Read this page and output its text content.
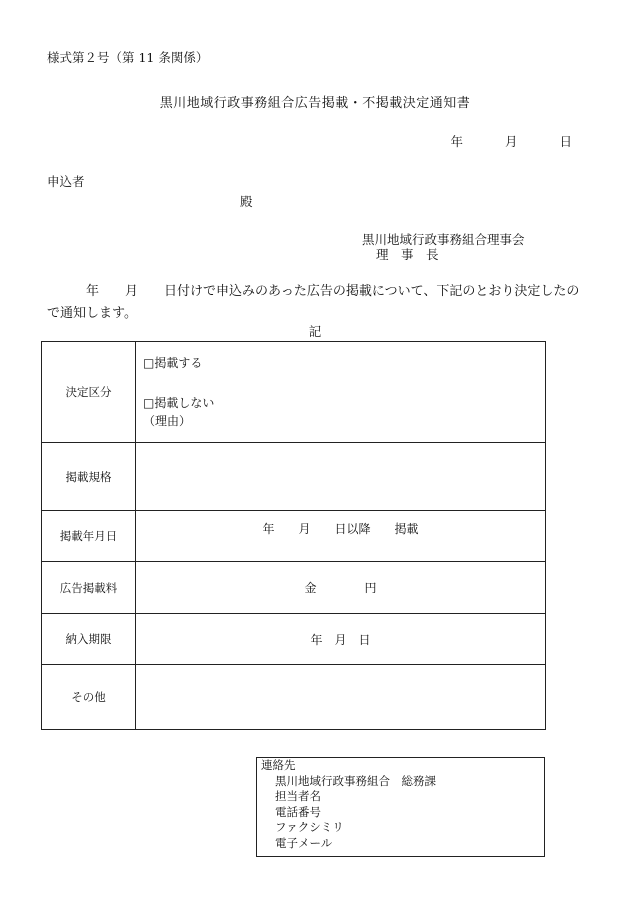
様式第２号（第 11 条関係）
黒川地域行政事務組合広告掲載・不掲載決定通知書
年	月	日
申込者
殿
黒川地域行政事務組合理事会
理　事　長
　　　年　　月　　日付けで申込みのあった広告の掲載について、下記のとおり決定したので通知します。
記
決定区分	□掲載する
□掲載しない
（理由）

掲載規格	
掲載年月日	年　　月　　日以降　　掲載

広告掲載料	金　　　　円
納入期限	年　月　日
その他	
連絡先
黒川地域行政事務組合　総務課
担当者名
電話番号
ファクシミリ
電子メール
